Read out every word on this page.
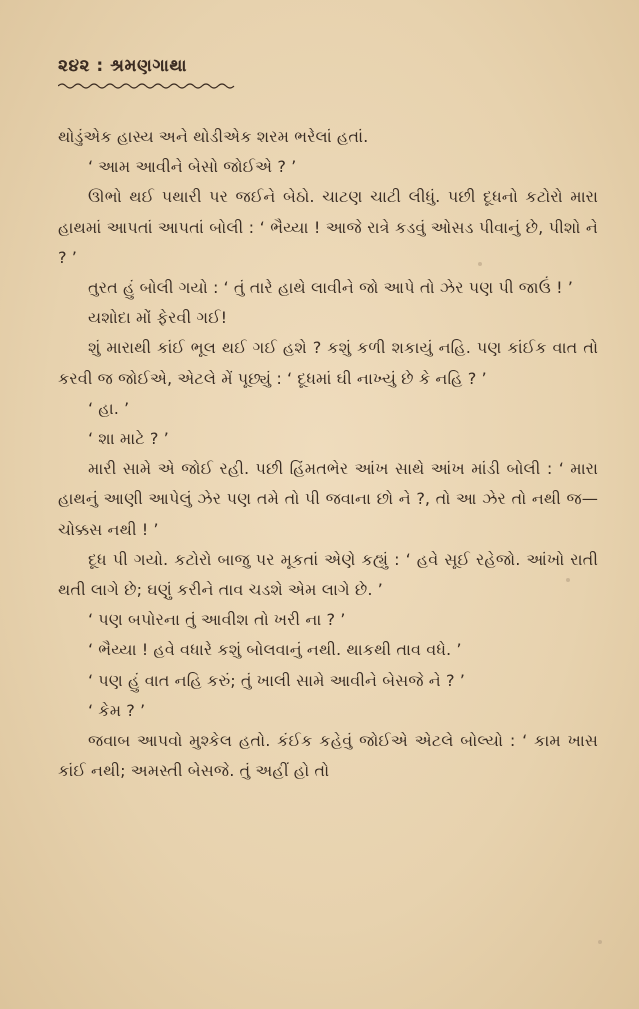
૨૪૨ : શ્રમણગાથા

થોડુંએક હાસ્ય અને થોડીએક શરમ ભરેલાં હતાં.

‘ આમ આવીને બેસો જોઈએ ? ’

ઊભો થઈ પથારી પર જઈને બેઠો. ચાટણ ચાટી લીધું. પછી દૂધનો કટોરો મારા હાથમાં આપતાં આપતાં બોલી : ‘ ભૈય્યા ! આજે રાત્રે કડવું ઓસડ પીવાનું છે, પીશો ને ? ’

તુરત હું બોલી ગયો : ‘ તું તારે હાથે લાવીને જો આપે તો ઝેર પણ પી જાઉં ! ’

યશોદા મોં ફેરવી ગઈ!

શું મારાથી કાંઈ ભૂલ થઈ ગઈ હશે ? કશું કળી શકાયું નહિ. પણ કાંઈક વાત તો કરવી જ જોઈએ, એટલે મેં પૂછ્યું : ‘ દૂધમાં ઘી નાખ્યું છે કે નહિ ? ’

‘ હા. ’

‘ શા માટે ? ’

મારી સામે એ જોઈ રહી. પછી હિંમતભેર આંખ સાથે આંખ માંડી બોલી : ‘ મારા હાથનું આણી આપેલું ઝેર પણ તમે તો પી જવાના છો ને ?, તો આ ઝેર તો નથી જ—ચોક્કસ નથી ! ’

દૂધ પી ગયો. કટોરો બાજુ પર મૂકતાં એણે કહ્યું : ‘ હવે સૂઈ રહેજો. આંખો રાતી થતી લાગે છે; ઘણું કરીને તાવ ચડશે એમ લાગે છે. ’

‘ પણ બપોરના તું આવીશ તો ખરી ના ? ’

‘ ભૈય્યા ! હવે વધારે કશું બોલવાનું નથી. થાકથી તાવ વધે. ’

‘ પણ હું વાત નહિ કરું; તું ખાલી સામે આવીને બેસજે ને ? ’

‘ કેમ ? ’

જવાબ આપવો મુશ્કેલ હતો. કંઈક કહેવું જોઈએ એટલે બોલ્યો : ‘ કામ ખાસ કાંઈ નથી; અમસ્તી બેસજે. તું અહીં હો તો
